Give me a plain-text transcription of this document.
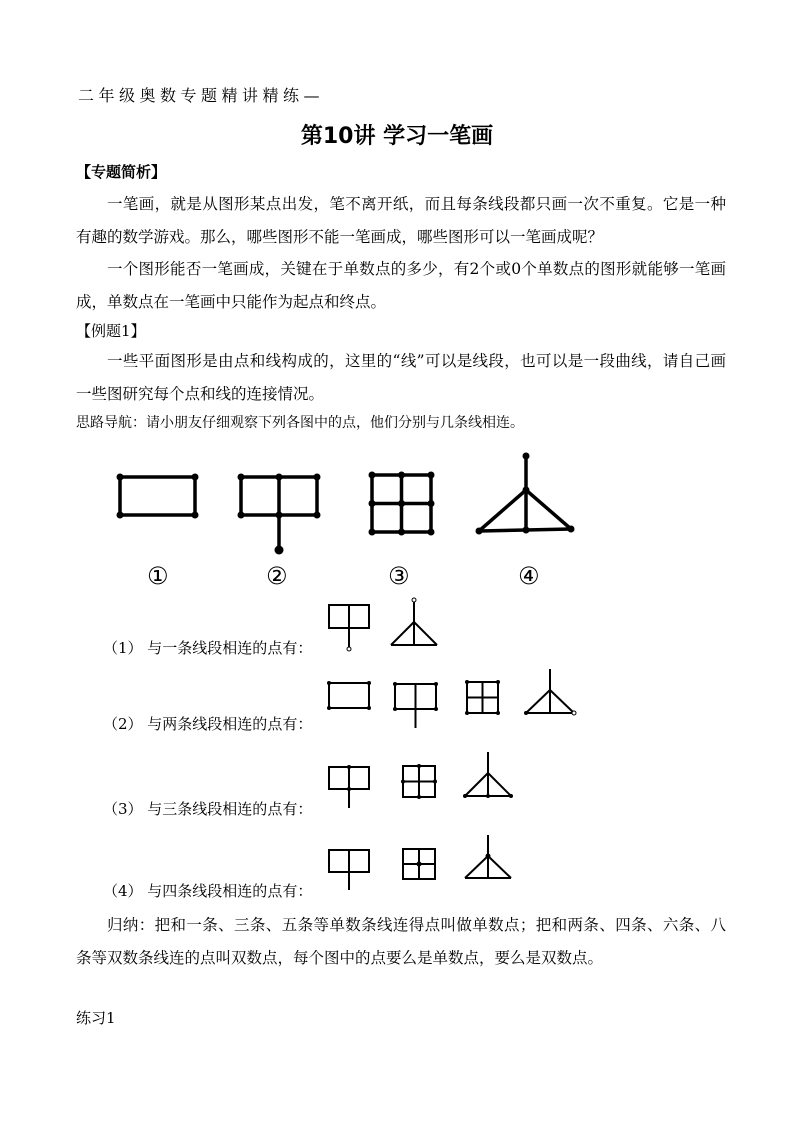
二年级奥数专题精讲精练—
第10讲 学习一笔画
【专题简析】
一笔画，就是从图形某点出发，笔不离开纸，而且每条线段都只画一次不重复。它是一种有趣的数学游戏。那么，哪些图形不能一笔画成，哪些图形可以一笔画成呢？
一个图形能否一笔画成，关键在于单数点的多少，有2个或0个单数点的图形就能够一笔画成，单数点在一笔画中只能作为起点和终点。
【例题1】
一些平面图形是由点和线构成的，这里的“线”可以是线段，也可以是一段曲线，请自己画一些图研究每个点和线的连接情况。
思路导航：请小朋友仔细观察下列各图中的点，他们分别与几条线相连。
①	②	③	④
（1） 与一条线段相连的点有：
（2） 与两条线段相连的点有：
（3） 与三条线段相连的点有：
（4） 与四条线段相连的点有：
归纳：把和一条、三条、五条等单数条线连得点叫做单数点；把和两条、四条、六条、八条等双数条线连的点叫双数点，每个图中的点要么是单数点，要么是双数点。
练习1
